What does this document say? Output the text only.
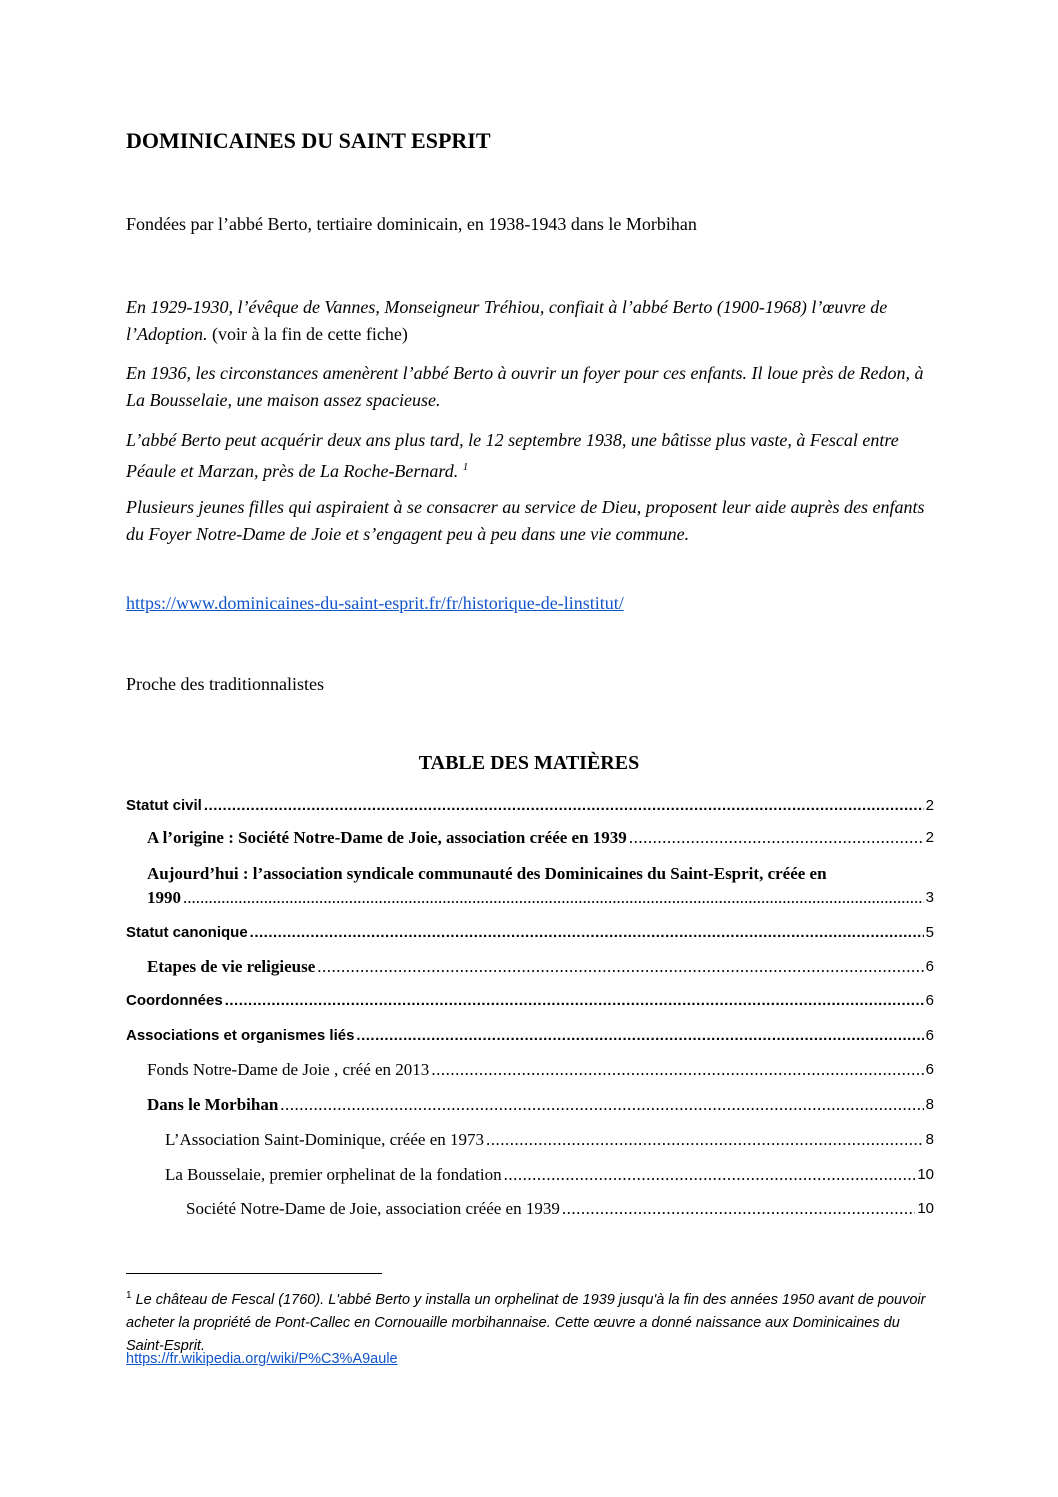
DOMINICAINES DU SAINT ESPRIT

Fondées par l’abbé Berto, tertiaire dominicain, en 1938-1943 dans le Morbihan

En 1929-1930, l’évêque de Vannes, Monseigneur Tréhiou, confiait à l’abbé Berto (1900-1968) l’œuvre de l’Adoption. (voir à la fin de cette fiche)

En 1936, les circonstances amenèrent l’abbé Berto à ouvrir un foyer pour ces enfants. Il loue près de Redon, à La Bousselaie, une maison assez spacieuse.

L’abbé Berto peut acquérir deux ans plus tard, le 12 septembre 1938, une bâtisse plus vaste, à Fescal entre Péaule et Marzan, près de La Roche-Bernard. $^1$

Plusieurs jeunes filles qui aspiraient à se consacrer au service de Dieu, proposent leur aide auprès des enfants du Foyer Notre-Dame de Joie et s’engagent peu à peu dans une vie commune.

https://www.dominicaines-du-saint-esprit.fr/fr/historique-de-linstitut/

Proche des traditionnalistes

TABLE DES MATIÈRES
Statut civil .....	2
A l’origine : Société Notre-Dame de Joie, association créée en 1939 .....	2
Aujourd’hui : l’association syndicale communauté des Dominicaines du Saint-Esprit, créée en
1990 .....	3
Statut canonique .....	5
Etapes de vie religieuse .....	6
Coordonnées .....	6
Associations et organismes liés .....	6
Fonds Notre-Dame de Joie , créé en 2013 .....	6
Dans le Morbihan .....	8
L’Association Saint-Dominique, créée en 1973 .....	8
La Bousselaie, premier orphelinat de la fondation .....	10
Société Notre-Dame de Joie, association créée en 1939 .....	10

$^1$ Le château de Fescal (1760). L'abbé Berto y installa un orphelinat de 1939 jusqu'à la fin des années 1950 avant de pouvoir acheter la propriété de Pont-Callec en Cornouaille morbihannaise. Cette œuvre a donné naissance aux Dominicaines du Saint-Esprit.

https://fr.wikipedia.org/wiki/P%C3%A9aule
